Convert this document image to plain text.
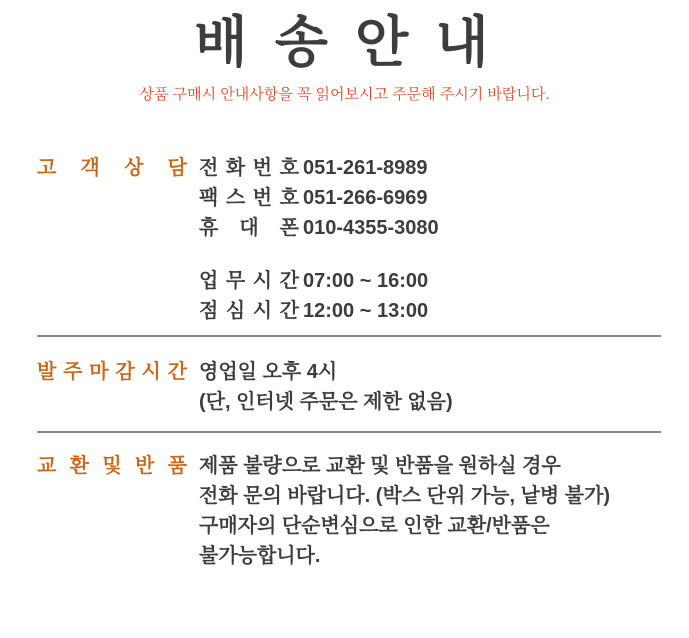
배 송 안 내

상품 구매시 안내사항을 꼭 읽어보시고 주문해 주시기 바랍니다.

고 객 상 담 전 화 번 호 051-261-8989
팩 스 번 호 051-266-6969
휴 대 폰 010-4355-3080
업 무 시 간 07:00 ~ 16:00
점 심 시 간 12:00 ~ 13:00
발 주 마 감 시 간 영업일 오후 4시
(단, 인터넷 주문은 제한 없음)
교 환 및 반 품 제품 불량으로 교환 및 반품을 원하실 경우
전화 문의 바랍니다. (박스 단위 가능, 낱병 불가)
구매자의 단순변심으로 인한 교환/반품은
불가능합니다.
